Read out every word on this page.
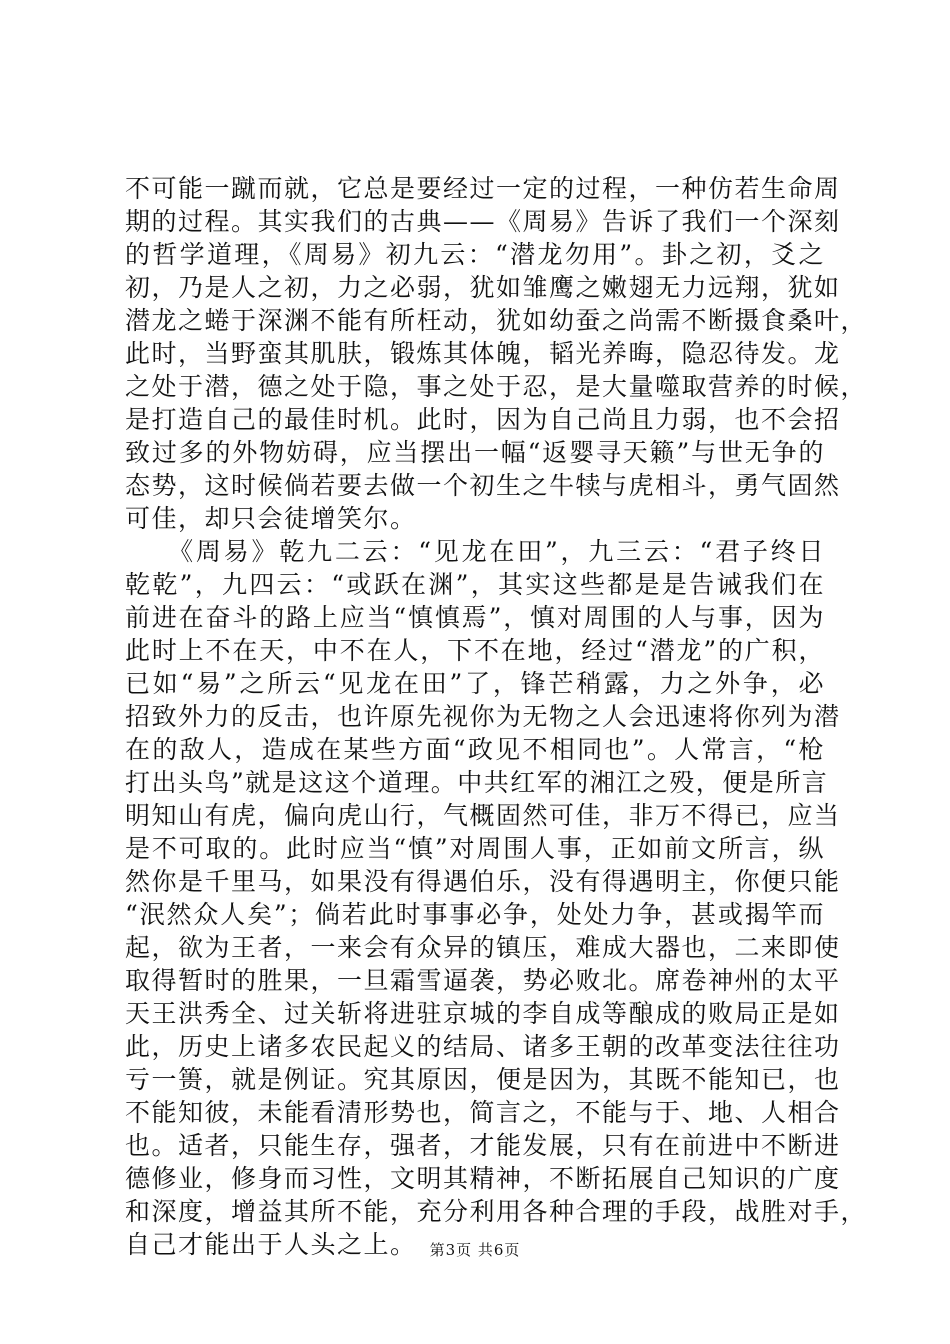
不可能一蹴而就，它总是要经过一定的过程，一种仿若生命周
期的过程。其实我们的古典——《周易》告诉了我们一个深刻
的哲学道理，《周易》初九云：“潜龙勿用”。卦之初，爻之
初，乃是人之初，力之必弱，犹如雏鹰之嫩翅无力远翔，犹如
潜龙之蜷于深渊不能有所枉动，犹如幼蚕之尚需不断摄食桑叶，
此时，当野蛮其肌肤，锻炼其体魄，韬光养晦，隐忍待发。龙
之处于潜，德之处于隐，事之处于忍，是大量噬取营养的时候，
是打造自己的最佳时机。此时，因为自己尚且力弱，也不会招
致过多的外物妨碍，应当摆出一幅“返婴寻天籁”与世无争的
态势，这时候倘若要去做一个初生之牛犊与虎相斗，勇气固然
可佳，却只会徒增笑尔。
　　《周易》乾九二云：“见龙在田”，九三云：“君子终日
乾乾”，九四云：“或跃在渊”，其实这些都是是告诫我们在
前进在奋斗的路上应当“慎慎焉”，慎对周围的人与事，因为
此时上不在天，中不在人，下不在地，经过“潜龙”的广积，
已如“易”之所云“见龙在田”了，锋芒稍露，力之外争，必
招致外力的反击，也许原先视你为无物之人会迅速将你列为潜
在的敌人，造成在某些方面“政见不相同也”。人常言，“枪
打出头鸟”就是这这个道理。中共红军的湘江之殁，便是所言
明知山有虎，偏向虎山行，气概固然可佳，非万不得已，应当
是不可取的。此时应当“慎”对周围人事，正如前文所言，纵
然你是千里马，如果没有得遇伯乐，没有得遇明主，你便只能
“泯然众人矣”；倘若此时事事必争，处处力争，甚或揭竿而
起，欲为王者，一来会有众异的镇压，难成大器也，二来即使
取得暂时的胜果，一旦霜雪逼袭，势必败北。席卷神州的太平
天王洪秀全、过关斩将进驻京城的李自成等酿成的败局正是如
此，历史上诸多农民起义的结局、诸多王朝的改革变法往往功
亏一篑，就是例证。究其原因，便是因为，其既不能知已，也
不能知彼，未能看清形势也，简言之，不能与于、地、人相合
也。适者，只能生存，强者，才能发展，只有在前进中不断进
德修业，修身而习性，文明其精神，不断拓展自己知识的广度
和深度，增益其所不能，充分利用各种合理的手段，战胜对手，
自己才能出于人头之上。 第3页 共6页
